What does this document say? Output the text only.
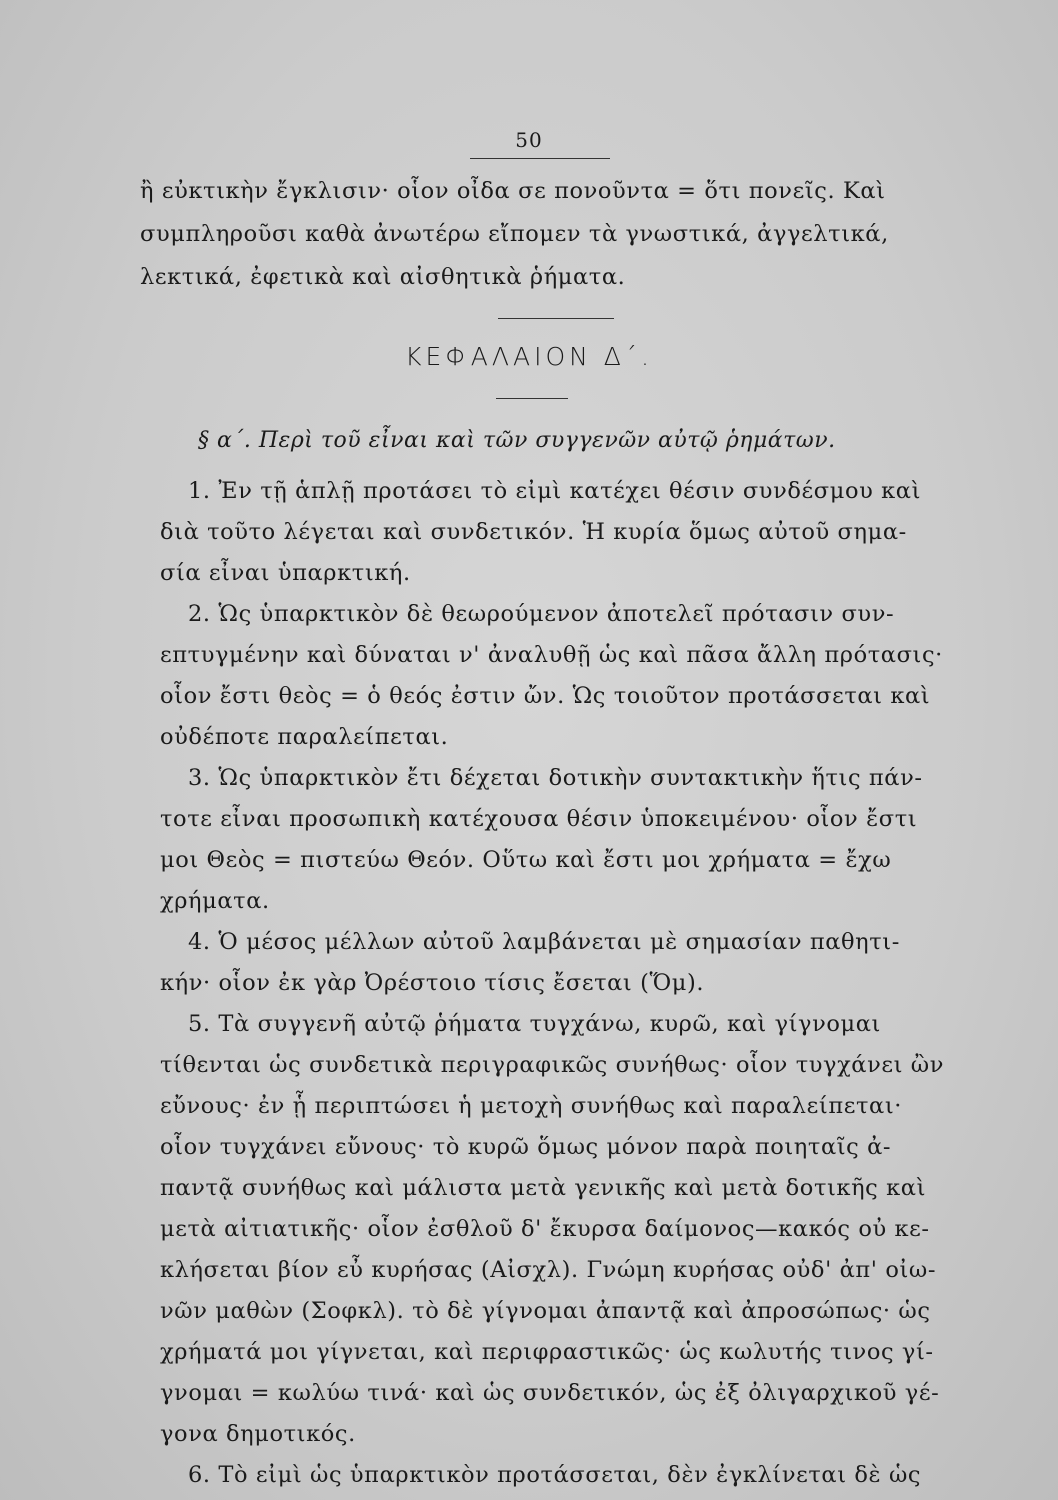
50
ἢ εὐκτικὴν ἔγκλισιν· οἷον οἶδα σε πονοῦντα = ὅτι πονεῖς. Καὶ
συμπληροῦσι καθὰ ἀνωτέρω εἴπομεν τὰ γνωστικά, ἀγγελτικά,
λεκτικά, ἐφετικὰ καὶ αἰσθητικὰ ῥήματα.
ΚΕΦΑΛΑΙΟΝ Δ΄.
§ α΄. Περὶ τοῦ εἶναι καὶ τῶν συγγενῶν αὐτῷ ῥημάτων.
1. Ἐν τῇ ἁπλῇ προτάσει τὸ εἰμὶ κατέχει θέσιν συνδέσμου καὶ
διὰ τοῦτο λέγεται καὶ συνδετικόν. Ἡ κυρία ὅμως αὐτοῦ σημα-
σία εἶναι ὑπαρκτική.
2. Ὡς ὑπαρκτικὸν δὲ θεωρούμενον ἀποτελεῖ πρότασιν συν-
επτυγμένην καὶ δύναται ν' ἀναλυθῇ ὡς καὶ πᾶσα ἄλλη πρότασις·
οἷον ἔστι θεὸς = ὁ θεός ἐστιν ὤν. Ὡς τοιοῦτον προτάσσεται καὶ
οὐδέποτε παραλείπεται.
3. Ὡς ὑπαρκτικὸν ἔτι δέχεται δοτικὴν συντακτικὴν ἥτις πάν-
τοτε εἶναι προσωπικὴ κατέχουσα θέσιν ὑποκειμένου· οἷον ἔστι
μοι Θεὸς = πιστεύω Θεόν. Οὕτω καὶ ἔστι μοι χρήματα = ἔχω
χρήματα.
4. Ὁ μέσος μέλλων αὐτοῦ λαμβάνεται μὲ σημασίαν παθητι-
κήν· οἷον ἐκ γὰρ Ὀρέστοιο τίσις ἔσεται (Ὅμ).
5. Τὰ συγγενῆ αὐτῷ ῥήματα τυγχάνω, κυρῶ, καὶ γίγνομαι
τίθενται ὡς συνδετικὰ περιγραφικῶς συνήθως· οἷον τυγχάνει ὢν
εὔνους· ἐν ᾗ περιπτώσει ἡ μετοχὴ συνήθως καὶ παραλείπεται·
οἷον τυγχάνει εὔνους· τὸ κυρῶ ὅμως μόνον παρὰ ποιηταῖς ἀ-
παντᾷ συνήθως καὶ μάλιστα μετὰ γενικῆς καὶ μετὰ δοτικῆς καὶ
μετὰ αἰτιατικῆς· οἷον ἐσθλοῦ δ' ἔκυρσα δαίμονος—κακός οὐ κε-
κλήσεται βίον εὖ κυρήσας (Αἰσχλ). Γνώμη κυρήσας οὐδ' ἀπ' οἰω-
νῶν μαθὼν (Σοφκλ). τὸ δὲ γίγνομαι ἀπαντᾷ καὶ ἀπροσώπως· ὡς
χρήματά μοι γίγνεται, καὶ περιφραστικῶς· ὡς κωλυτής τινος γί-
γνομαι = κωλύω τινά· καὶ ὡς συνδετικόν, ὡς ἐξ ὀλιγαρχικοῦ γέ-
γονα δημοτικός.
6. Τὸ εἰμὶ ὡς ὑπαρκτικὸν προτάσσεται, δὲν ἐγκλίνεται δὲ ὡς
